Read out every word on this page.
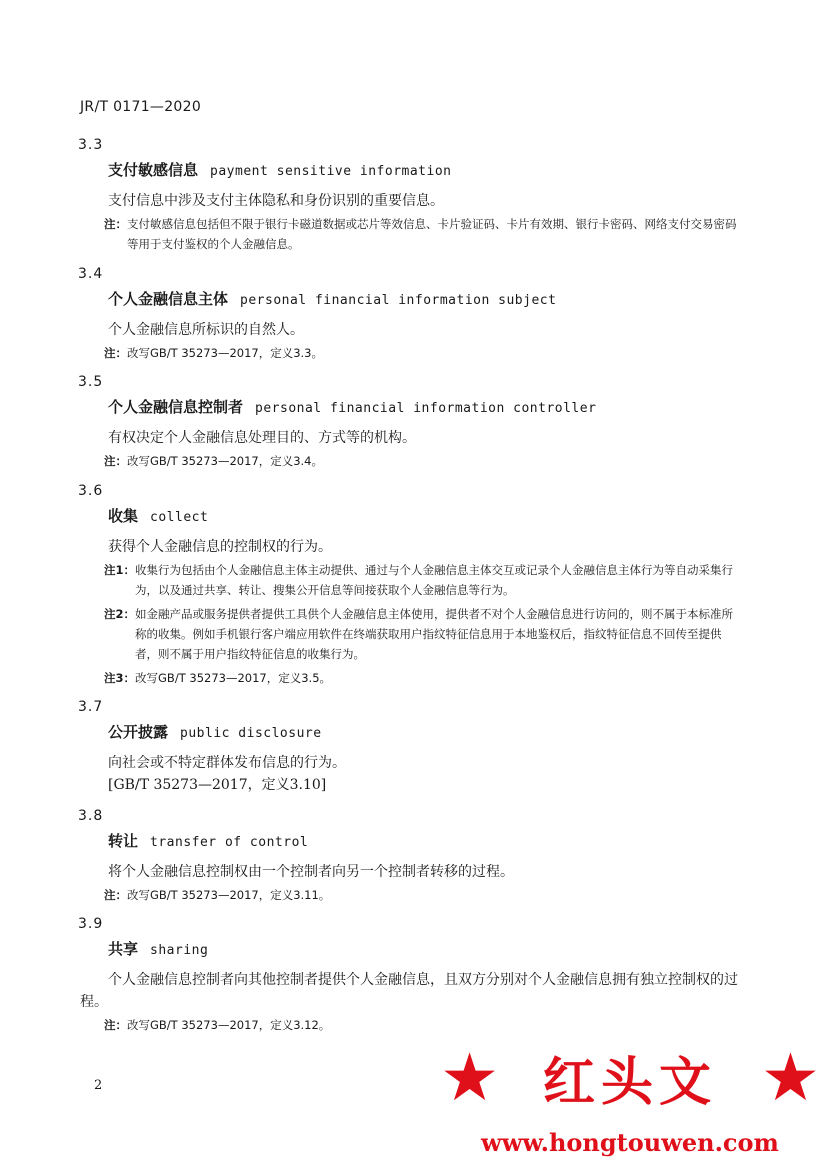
JR/T 0171—2020
3.3
支付敏感信息 payment sensitive information
支付信息中涉及支付主体隐私和身份识别的重要信息。
注： 支付敏感信息包括但不限于银行卡磁道数据或芯片等效信息、卡片验证码、卡片有效期、银行卡密码、网络支付交易密码等用于支付鉴权的个人金融信息。
3.4
个人金融信息主体 personal financial information subject
个人金融信息所标识的自然人。
注： 改写GB/T 35273—2017，定义3.3。
3.5
个人金融信息控制者 personal financial information controller
有权决定个人金融信息处理目的、方式等的机构。
注： 改写GB/T 35273—2017，定义3.4。
3.6
收集 collect
获得个人金融信息的控制权的行为。
注1： 收集行为包括由个人金融信息主体主动提供、通过与个人金融信息主体交互或记录个人金融信息主体行为等自动采集行为，以及通过共享、转让、搜集公开信息等间接获取个人金融信息等行为。
注2： 如金融产品或服务提供者提供工具供个人金融信息主体使用，提供者不对个人金融信息进行访问的，则不属于本标准所称的收集。例如手机银行客户端应用软件在终端获取用户指纹特征信息用于本地鉴权后，指纹特征信息不回传至提供者，则不属于用户指纹特征信息的收集行为。
注3： 改写GB/T 35273—2017，定义3.5。
3.7
公开披露 public disclosure
向社会或不特定群体发布信息的行为。
[GB/T 35273—2017，定义3.10]
3.8
转让 transfer of control
将个人金融信息控制权由一个控制者向另一个控制者转移的过程。
注： 改写GB/T 35273—2017，定义3.11。
3.9
共享 sharing
个人金融信息控制者向其他控制者提供个人金融信息，且双方分别对个人金融信息拥有独立控制权的过程。
注： 改写GB/T 35273—2017，定义3.12。
2	★ 红头文 ★
www.hongtouwen.com
